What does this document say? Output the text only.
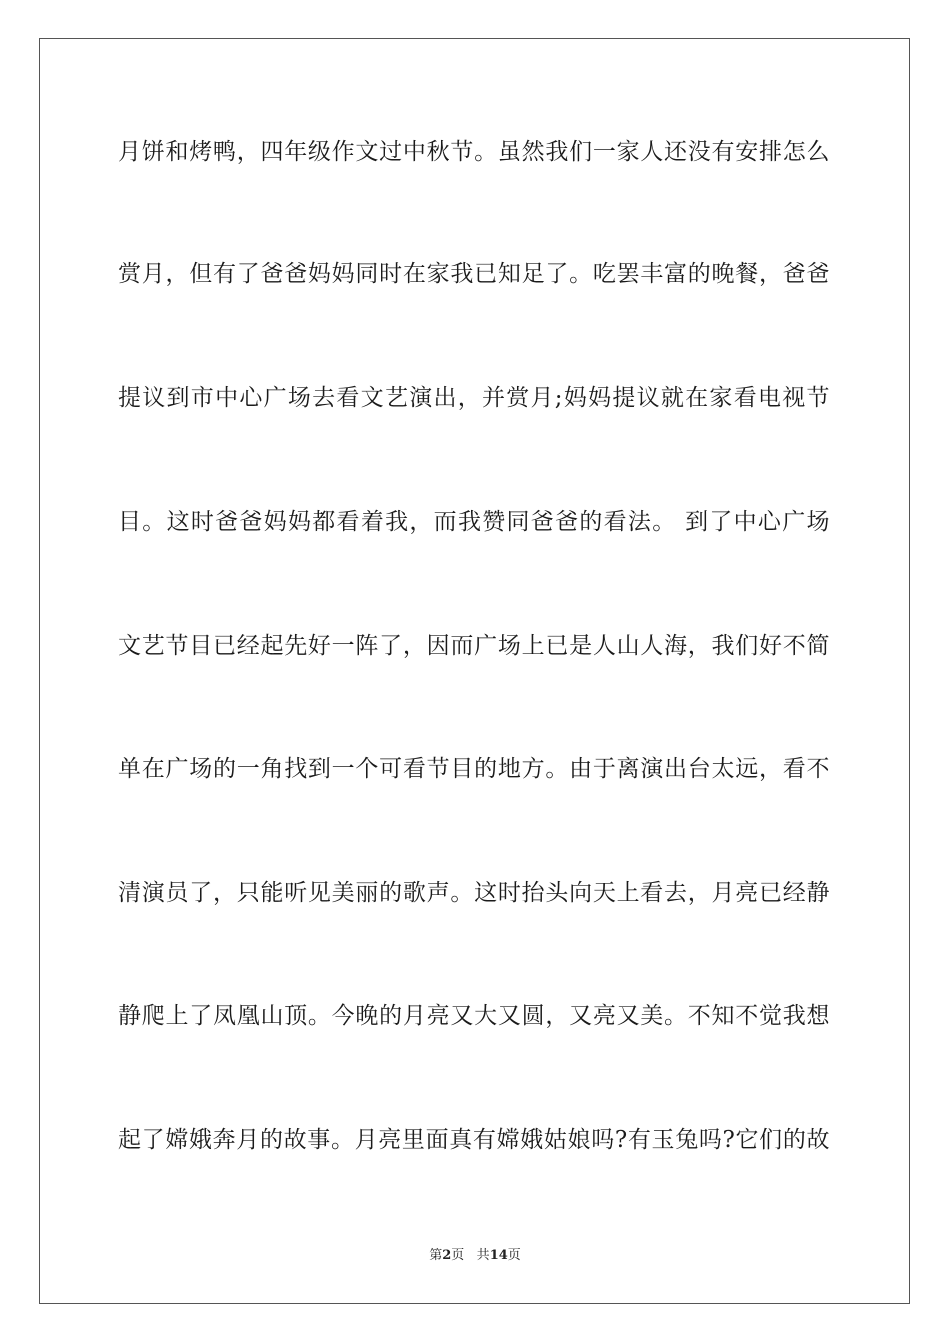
月饼和烤鸭，四年级作文过中秋节。虽然我们一家人还没有安排怎么
赏月，但有了爸爸妈妈同时在家我已知足了。吃罢丰富的晚餐，爸爸
提议到市中心广场去看文艺演出，并赏月;妈妈提议就在家看电视节
目。这时爸爸妈妈都看着我，而我赞同爸爸的看法。 到了中心广场
文艺节目已经起先好一阵了，因而广场上已是人山人海，我们好不简
单在广场的一角找到一个可看节目的地方。由于离演出台太远，看不
清演员了，只能听见美丽的歌声。这时抬头向天上看去，月亮已经静
静爬上了凤凰山顶。今晚的月亮又大又圆，又亮又美。不知不觉我想
起了嫦娥奔月的故事。月亮里面真有嫦娥姑娘吗?有玉兔吗?它们的故
第2页 共14页
